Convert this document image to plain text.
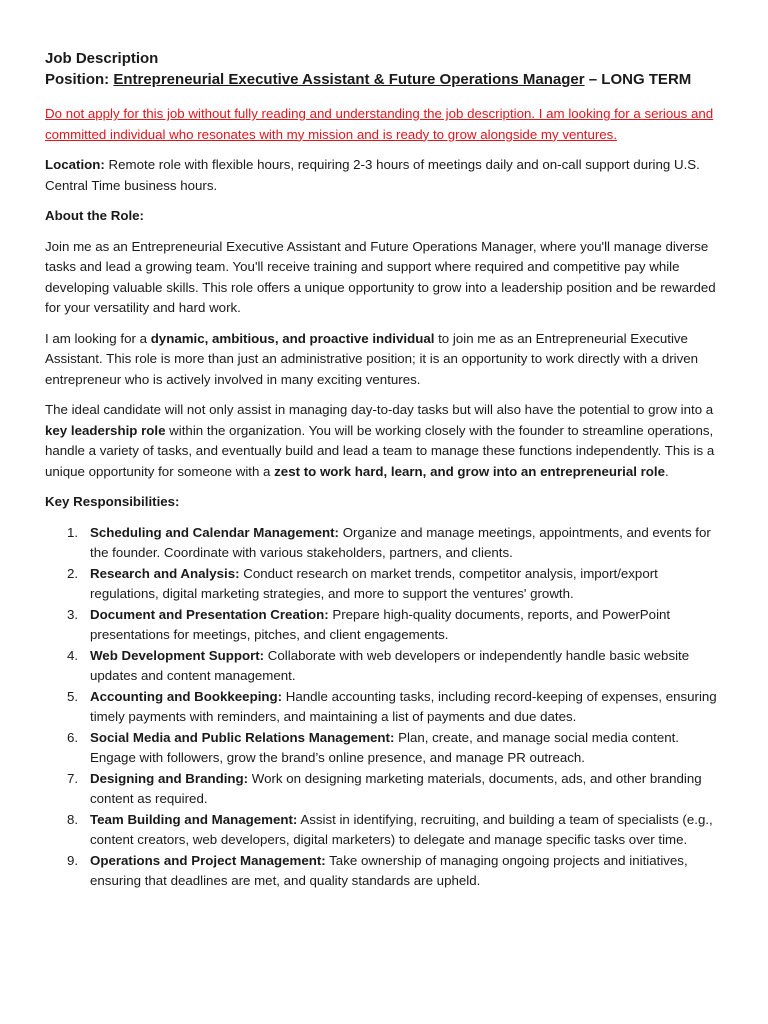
Job Description
Position: Entrepreneurial Executive Assistant & Future Operations Manager – LONG TERM

Do not apply for this job without fully reading and understanding the job description. I am looking for a serious and committed individual who resonates with my mission and is ready to grow alongside my ventures.

Location: Remote role with flexible hours, requiring 2-3 hours of meetings daily and on-call support during U.S. Central Time business hours.

About the Role:

Join me as an Entrepreneurial Executive Assistant and Future Operations Manager, where you'll manage diverse tasks and lead a growing team. You'll receive training and support where required and competitive pay while developing valuable skills. This role offers a unique opportunity to grow into a leadership position and be rewarded for your versatility and hard work.

I am looking for a dynamic, ambitious, and proactive individual to join me as an Entrepreneurial Executive Assistant. This role is more than just an administrative position; it is an opportunity to work directly with a driven entrepreneur who is actively involved in many exciting ventures.

The ideal candidate will not only assist in managing day-to-day tasks but will also have the potential to grow into a key leadership role within the organization. You will be working closely with the founder to streamline operations, handle a variety of tasks, and eventually build and lead a team to manage these functions independently. This is a unique opportunity for someone with a zest to work hard, learn, and grow into an entrepreneurial role.

Key Responsibilities:

1. Scheduling and Calendar Management: Organize and manage meetings, appointments, and events for the founder. Coordinate with various stakeholders, partners, and clients.
2. Research and Analysis: Conduct research on market trends, competitor analysis, import/export regulations, digital marketing strategies, and more to support the ventures' growth.
3. Document and Presentation Creation: Prepare high-quality documents, reports, and PowerPoint presentations for meetings, pitches, and client engagements.
4. Web Development Support: Collaborate with web developers or independently handle basic website updates and content management.
5. Accounting and Bookkeeping: Handle accounting tasks, including record-keeping of expenses, ensuring timely payments with reminders, and maintaining a list of payments and due dates.
6. Social Media and Public Relations Management: Plan, create, and manage social media content. Engage with followers, grow the brand’s online presence, and manage PR outreach.
7. Designing and Branding: Work on designing marketing materials, documents, ads, and other branding content as required.
8. Team Building and Management: Assist in identifying, recruiting, and building a team of specialists (e.g., content creators, web developers, digital marketers) to delegate and manage specific tasks over time.
9. Operations and Project Management: Take ownership of managing ongoing projects and initiatives, ensuring that deadlines are met, and quality standards are upheld.
